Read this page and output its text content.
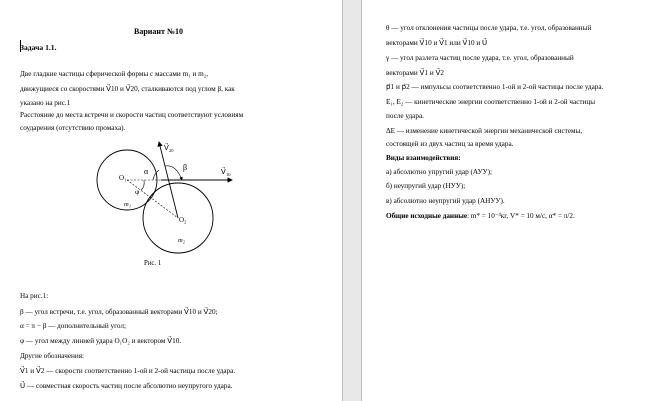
Вариант №10
Задача 1.1.
Две гладкие частицы сферической формы с массами m₁ и m₂,
движущиеся со скоростями V⃗10 и V⃗20, сталкиваются под углом β, как
указано на рис.1
Расстояние до места встречи и скорости частиц соответствуют условиям
соударения (отсутствию промаха).
O₁
O₂
m₁
m₂
α	β
φ
V⃗ 20
V⃗ 10
Рис. 1
На рис.1:
β — угол встречи, т.е. угол, образованный векторами V⃗10 и V⃗20;
α = π − β — дополнительный угол;
φ — угол между линией удара O₁O₂ и вектором V⃗10.
Другие обозначения:
V⃗1 и V⃗2 — скорости соответственно 1-ой и 2-ой частицы после удара.
U⃗ — совместная скорость частиц после абсолютно неупругого удара.
θ — угол отклонения частицы после удара, т.е. угол, образованный
векторами V⃗10 и V⃗1 или V⃗10 и U⃗
γ — угол разлета частиц после удара, т.е. угол, образованный
векторами V⃗1 и V⃗2
p⃗1 и p⃗2 — импульсы соответственно 1-ой и 2-ой частицы после удара.
E₁, E₂ — кинетические энергии соответственно 1-ой и 2-ой частицы
после удара.
ΔE — изменение кинетической энергии механической системы,
состоящей из двух частиц за время удара.
Виды взаимодействия:
а) абсолютно упругий удар (АУУ);
б) неупругий удар (НУУ);
в) абсолютно неупругий удар (АНУУ).
Общие исходные данные: m* = 10⁻³кг, V* = 10 м/с, α* = π/2.
